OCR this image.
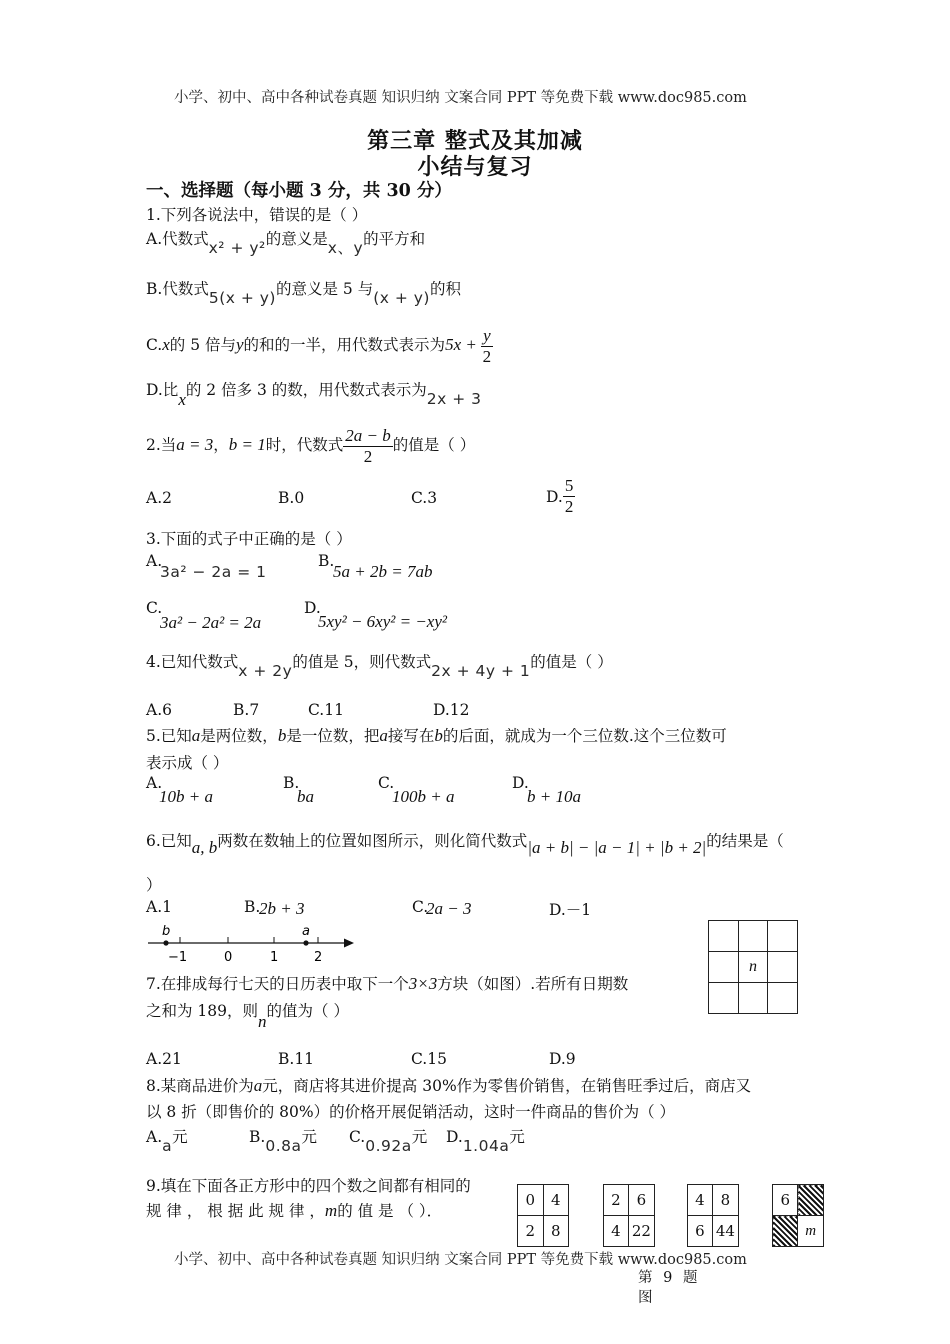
小学、初中、高中各种试卷真题 知识归纳 文案合同 PPT 等免费下载 www.doc985.com
第三章 整式及其加减
小结与复习
一、选择题（每小题 3 分，共 30 分）
1.下列各说法中，错误的是（ ）
A.代数式x² + y²的意义是x、y的平方和
B.代数式5(x + y)的意义是 5 与(x + y)的积
C.x的 5 倍与y的和的一半，用代数式表示为$5x + \frac{y}{2}$
D.比x的 2 倍多 3 的数，用代数式表示为2x + 3
2.当a = 3，b = 1时，代数式 $\frac{2a - b}{2}$ 的值是（ ）
A.2	B.0	C.3	D. $\frac{5}{2}$
3.下面的式子中正确的是（ ）
A.
3a² − 2a = 1
B.
5a + 2b = 7ab
C.
3a² − 2a² = 2a
D.
5xy² − 6xy² = −xy²
4.已知代数式x + 2y的值是 5，则代数式2x + 4y + 1的值是（ ）
A.6	B.7	C.11	D.12
5.已知a是两位数，b是一位数，把a接写在b的后面，就成为一个三位数.这个三位数可
表示成（ ）
A.
10b + a
B.
ba
C.
100b + a
D.
b + 10a
6.已知a, b两数在数轴上的位置如图所示，则化简代数式|a + b| − |a − 1| + |b + 2|的结果是（
）
A.1	B.
2b + 3	C.
2a − 3	D.－1
b	a
−1	0	1	2

	n	

7.在排成每行七天的日历表中取下一个3×3方块（如图）.若所有日期数
之和为 189，则n的值为（ ）
A.21	B.11	C.15	D.9
8.某商品进价为a元，商店将其进价提高 30%作为零售价销售，在销售旺季过后，商店又
以 8 折（即售价的 80%）的价格开展促销活动，这时一件商品的售价为（ ）
A.a元	B.0.8a元 C.0.92a元 D.1.04a元
9.填在下面各正方形中的四个数之间都有相同的
规 律 ， 根 据 此 规 律 ，m的 值 是 （ ）．
0	4
2	8
2	6
4	22
4	8
6	44
6	
	m
小学、初中、高中各种试卷真题 知识归纳 文案合同 PPT 等免费下载 www.doc985.com
第 9 题
图
